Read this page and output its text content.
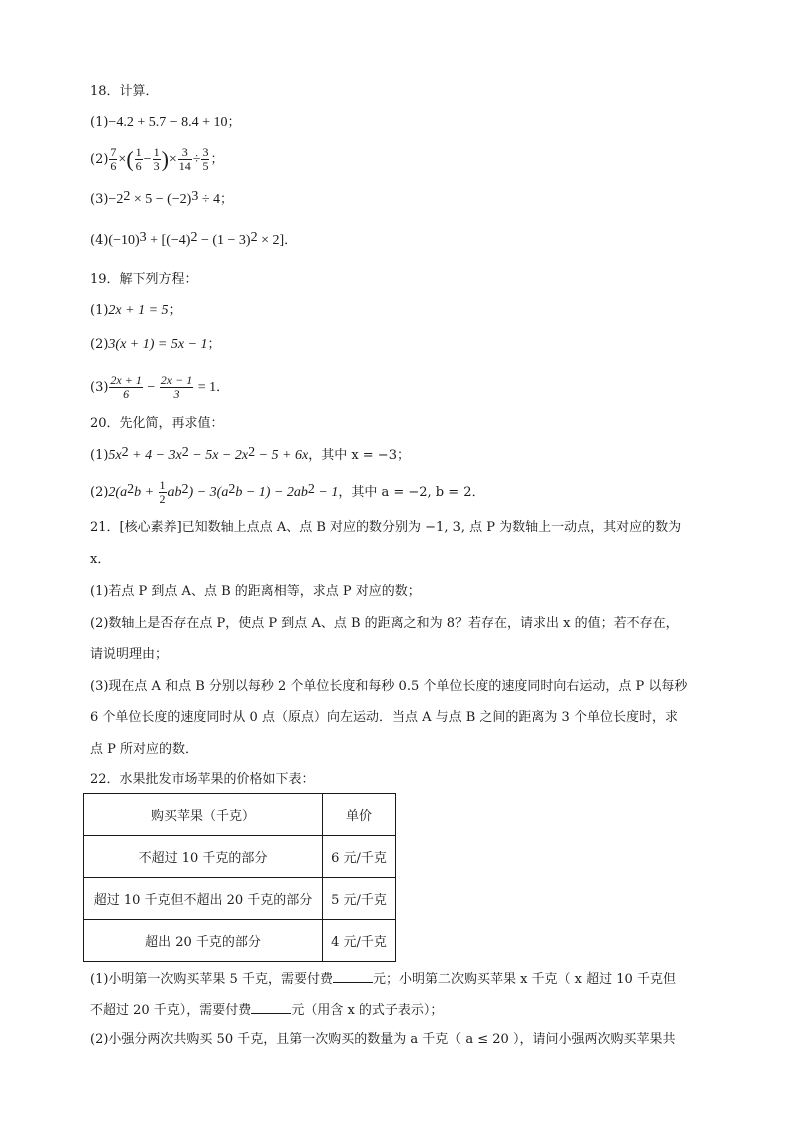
18．计算．
(1)−4.2 + 5.7 − 8.4 + 10；
$(2) \frac{7}{6}$ ×( $\frac{1}{6} - \frac{1}{3}$ )× $\frac{3}{14} \div \frac{3}{5}$ ；
$(3)-2^2 \times 5 - (-2)^3 \div 4$；
$(4)(-10)^3 + [(-4)^2 - (1 - 3)^2 \times 2]$．
19．解下列方程：
(1)2x + 1 = 5；
(2)3(x + 1) = 5x − 1；
$(3) \frac{2x + 1}{6} - \frac{2x - 1}{3} = 1$．
20．先化简，再求值：
$(1)5x^2 + 4 - 3x^2 - 5x - 2x^2 - 5 + 6x$，其中 x = −3；
$(2)2(a^2b + \frac{1}{2} ab^2) - 3(a^2b - 1) - 2ab^2 - 1$，其中 a = −2, b = 2．
21．[核心素养]已知数轴上点点 A、点 B 对应的数分别为 −1, 3, 点 P 为数轴上一动点，其对应的数为
x．
(1)若点 P 到点 A、点 B 的距离相等，求点 P 对应的数；
(2)数轴上是否存在点 P，使点 P 到点 A、点 B 的距离之和为 8？若存在，请求出 x 的值；若不存在，
请说明理由；
(3)现在点 A 和点 B 分别以每秒 2 个单位长度和每秒 0.5 个单位长度的速度同时向右运动，点 P 以每秒
6 个单位长度的速度同时从 0 点（原点）向左运动．当点 A 与点 B 之间的距离为 3 个单位长度时，求
点 P 所对应的数．
22．水果批发市场苹果的价格如下表：
购买苹果（千克）	单价
不超过 10 千克的部分	6 元/千克
超过 10 千克但不超出 20 千克的部分	5 元/千克
超出 20 千克的部分	4 元/千克
(1)小明第一次购买苹果 5 千克，需要付费	元；小明第二次购买苹果 x 千克（ x 超过 10 千克但
不超过 20 千克），需要付费	元（用含 x 的式子表示）；
(2)小强分两次共购买 50 千克，且第一次购买的数量为 a 千克（ a ≤ 20 ），请问小强两次购买苹果共
